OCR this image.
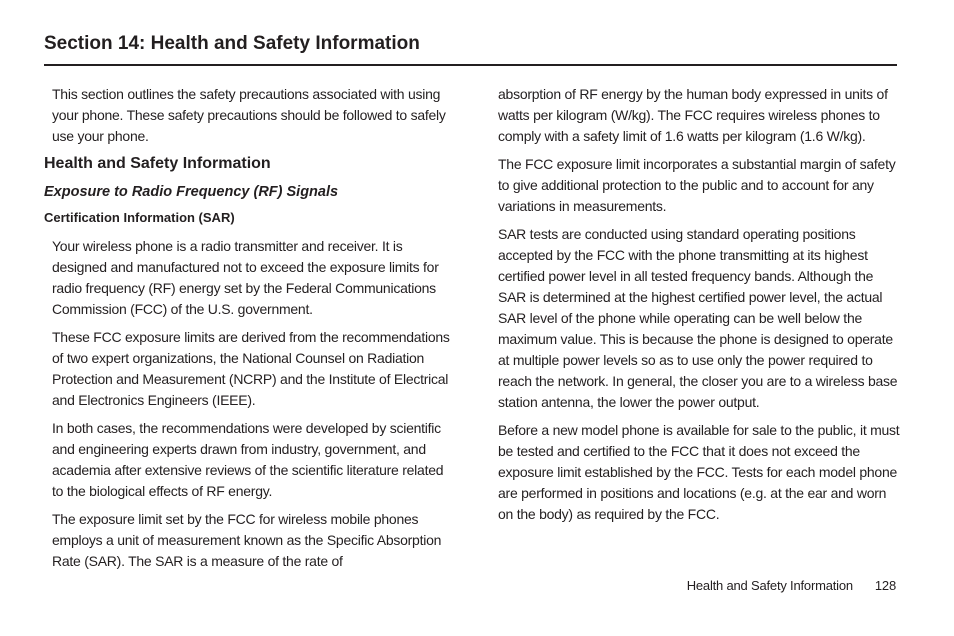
Section 14: Health and Safety Information

This section outlines the safety precautions associated with using your phone. These safety precautions should be followed to safely use your phone.

Health and Safety Information
Exposure to Radio Frequency (RF) Signals
Certification Information (SAR)

Your wireless phone is a radio transmitter and receiver. It is designed and manufactured not to exceed the exposure limits for radio frequency (RF) energy set by the Federal Communications Commission (FCC) of the U.S. government.

These FCC exposure limits are derived from the recommendations of two expert organizations, the National Counsel on Radiation Protection and Measurement (NCRP) and the Institute of Electrical and Electronics Engineers (IEEE).

In both cases, the recommendations were developed by scientific and engineering experts drawn from industry, government, and academia after extensive reviews of the scientific literature related to the biological effects of RF energy.

The exposure limit set by the FCC for wireless mobile phones employs a unit of measurement known as the Specific Absorption Rate (SAR). The SAR is a measure of the rate of

absorption of RF energy by the human body expressed in units of watts per kilogram (W/kg). The FCC requires wireless phones to comply with a safety limit of 1.6 watts per kilogram (1.6 W/kg).

The FCC exposure limit incorporates a substantial margin of safety to give additional protection to the public and to account for any variations in measurements.

SAR tests are conducted using standard operating positions accepted by the FCC with the phone transmitting at its highest certified power level in all tested frequency bands. Although the SAR is determined at the highest certified power level, the actual SAR level of the phone while operating can be well below the maximum value. This is because the phone is designed to operate at multiple power levels so as to use only the power required to reach the network. In general, the closer you are to a wireless base station antenna, the lower the power output.

Before a new model phone is available for sale to the public, it must be tested and certified to the FCC that it does not exceed the exposure limit established by the FCC. Tests for each model phone are performed in positions and locations (e.g. at the ear and worn on the body) as required by the FCC.

Health and Safety Information 128
